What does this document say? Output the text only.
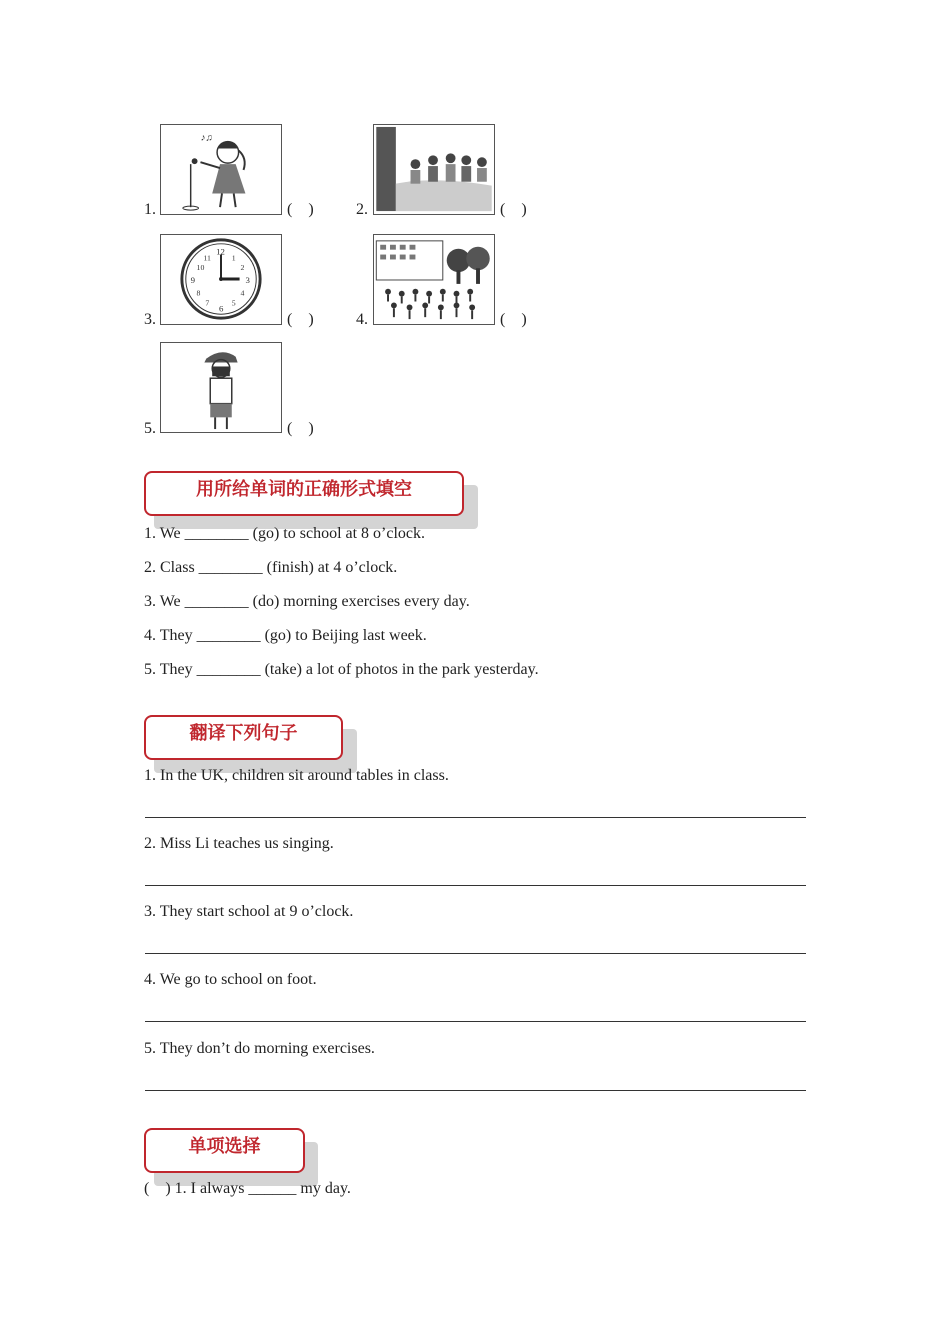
1.
♪♫
(    )	2.	(    )
3.
12
3
6
9
11	1
10	2
8	4
7	5
(    )	4.	(    )
5.	(    )
用所给单词的正确形式填空
1. We ________ (go) to school at 8 o’clock.
2. Class ________ (finish) at 4 o’clock.
3. We ________ (do) morning exercises every day.
4. They ________ (go) to Beijing last week.
5. They ________ (take) a lot of photos in the park yesterday.
翻译下列句子
1. In the UK, children sit around tables in class.
2. Miss Li teaches us singing.
3. They start school at 9 o’clock.
4. We go to school on foot.
5. They don’t do morning exercises.
单项选择
(    ) 1. I always ______ my day.
